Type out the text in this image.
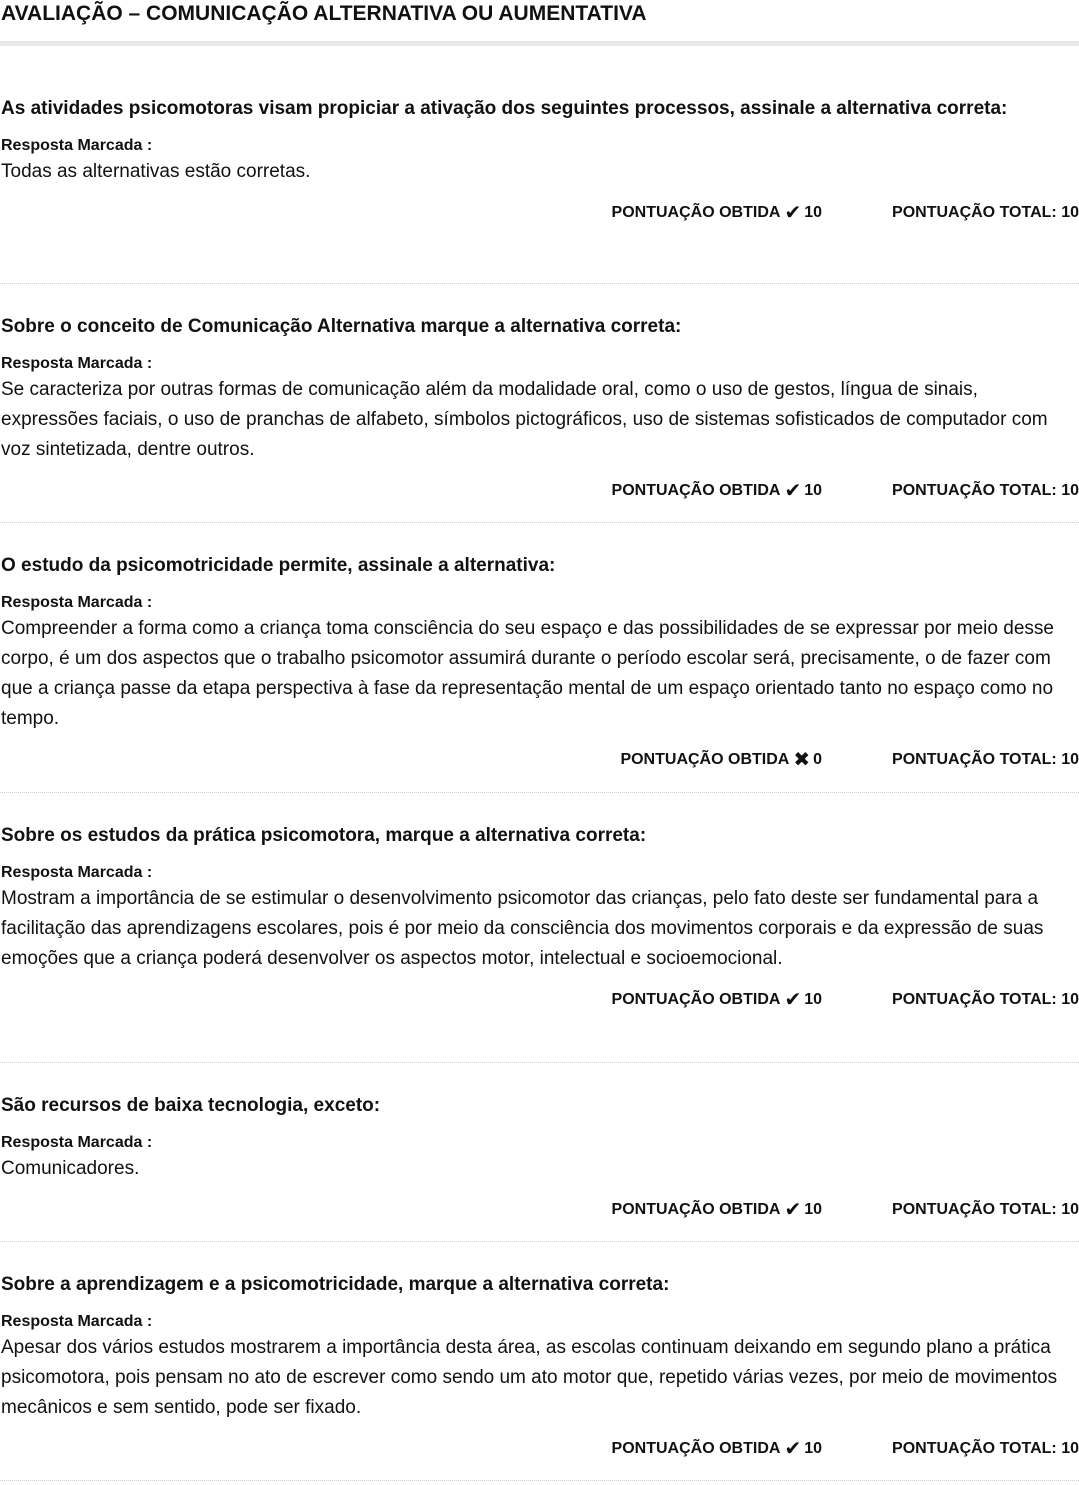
AVALIAÇÃO – COMUNICAÇÃO ALTERNATIVA OU AUMENTATIVA
As atividades psicomotoras visam propiciar a ativação dos seguintes processos, assinale a alternativa correta:
Resposta Marcada :
Todas as alternativas estão corretas.
PONTUAÇÃO OBTIDA ✔ 10	PONTUAÇÃO TOTAL: 10
Sobre o conceito de Comunicação Alternativa marque a alternativa correta:
Resposta Marcada :
Se caracteriza por outras formas de comunicação além da modalidade oral, como o uso de gestos, língua de sinais, expressões faciais, o uso de pranchas de alfabeto, símbolos pictográficos, uso de sistemas sofisticados de computador com voz sintetizada, dentre outros.
PONTUAÇÃO OBTIDA ✔ 10	PONTUAÇÃO TOTAL: 10
O estudo da psicomotricidade permite, assinale a alternativa:
Resposta Marcada :
Compreender a forma como a criança toma consciência do seu espaço e das possibilidades de se expressar por meio desse corpo, é um dos aspectos que o trabalho psicomotor assumirá durante o período escolar será, precisamente, o de fazer com que a criança passe da etapa perspectiva à fase da representação mental de um espaço orientado tanto no espaço como no tempo.
PONTUAÇÃO OBTIDA ✖ 0	PONTUAÇÃO TOTAL: 10
Sobre os estudos da prática psicomotora, marque a alternativa correta:
Resposta Marcada :
Mostram a importância de se estimular o desenvolvimento psicomotor das crianças, pelo fato deste ser fundamental para a facilitação das aprendizagens escolares, pois é por meio da consciência dos movimentos corporais e da expressão de suas emoções que a criança poderá desenvolver os aspectos motor, intelectual e socioemocional.
PONTUAÇÃO OBTIDA ✔ 10	PONTUAÇÃO TOTAL: 10
São recursos de baixa tecnologia, exceto:
Resposta Marcada :
Comunicadores.
PONTUAÇÃO OBTIDA ✔ 10	PONTUAÇÃO TOTAL: 10
Sobre a aprendizagem e a psicomotricidade, marque a alternativa correta:
Resposta Marcada :
Apesar dos vários estudos mostrarem a importância desta área, as escolas continuam deixando em segundo plano a prática psicomotora, pois pensam no ato de escrever como sendo um ato motor que, repetido várias vezes, por meio de movimentos mecânicos e sem sentido, pode ser fixado.
PONTUAÇÃO OBTIDA ✔ 10	PONTUAÇÃO TOTAL: 10
